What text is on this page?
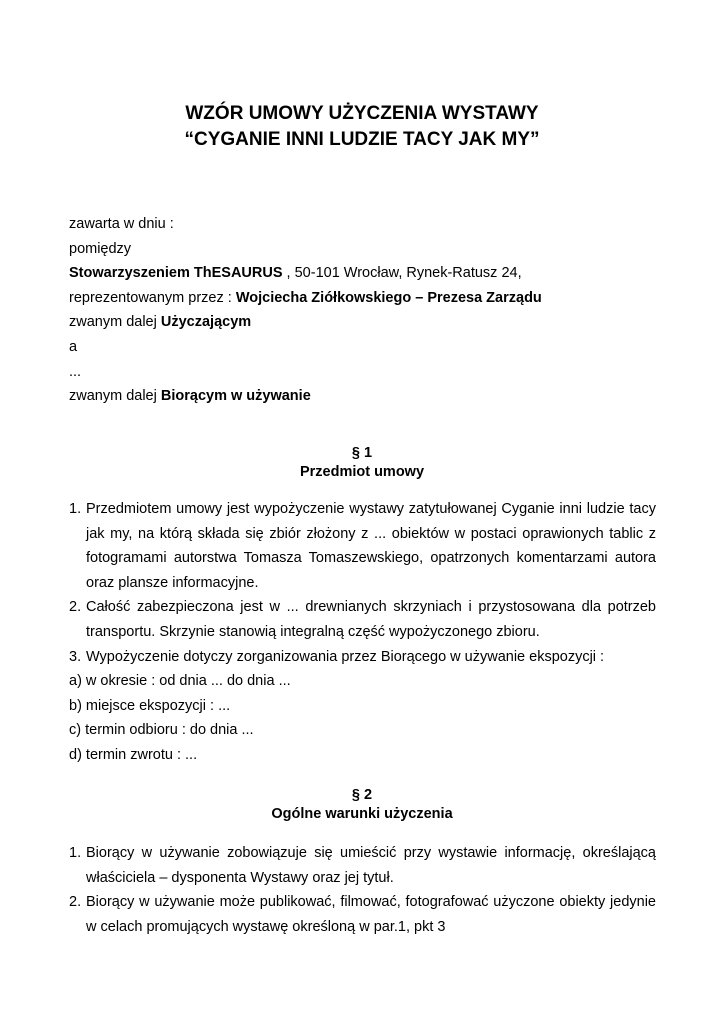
WZÓR UMOWY UŻYCZENIA WYSTAWY
“CYGANIE INNI LUDZIE TACY JAK MY”
zawarta w dniu :
pomiędzy
Stowarzyszeniem ThESAURUS , 50-101 Wrocław, Rynek-Ratusz 24,
reprezentowanym przez : Wojciecha Ziółkowskiego – Prezesa Zarządu
zwanym dalej Użyczającym
a
...
zwanym dalej Biorącym w używanie
§ 1
Przedmiot umowy
1. Przedmiotem umowy jest wypożyczenie wystawy zatytułowanej Cyganie inni ludzie tacy jak my, na którą składa się zbiór złożony z ... obiektów w postaci oprawionych tablic z fotogramami autorstwa Tomasza Tomaszewskiego, opatrzonych komentarzami autora oraz plansze informacyjne.
2. Całość zabezpieczona jest w ... drewnianych skrzyniach i przystosowana dla potrzeb transportu. Skrzynie stanowią integralną część wypożyczonego zbioru.
3. Wypożyczenie dotyczy zorganizowania przez Biorącego w używanie ekspozycji :
a) w okresie : od dnia ... do dnia ...
b) miejsce ekspozycji : ...
c) termin odbioru : do dnia ...
d) termin zwrotu : ...
§ 2
Ogólne warunki użyczenia
1. Biorący w używanie zobowiązuje się umieścić przy wystawie informację, określającą właściciela – dysponenta Wystawy oraz jej tytuł.
2. Biorący w używanie może publikować, filmować, fotografować użyczone obiekty jedynie w celach promujących wystawę określoną w par.1, pkt 3
